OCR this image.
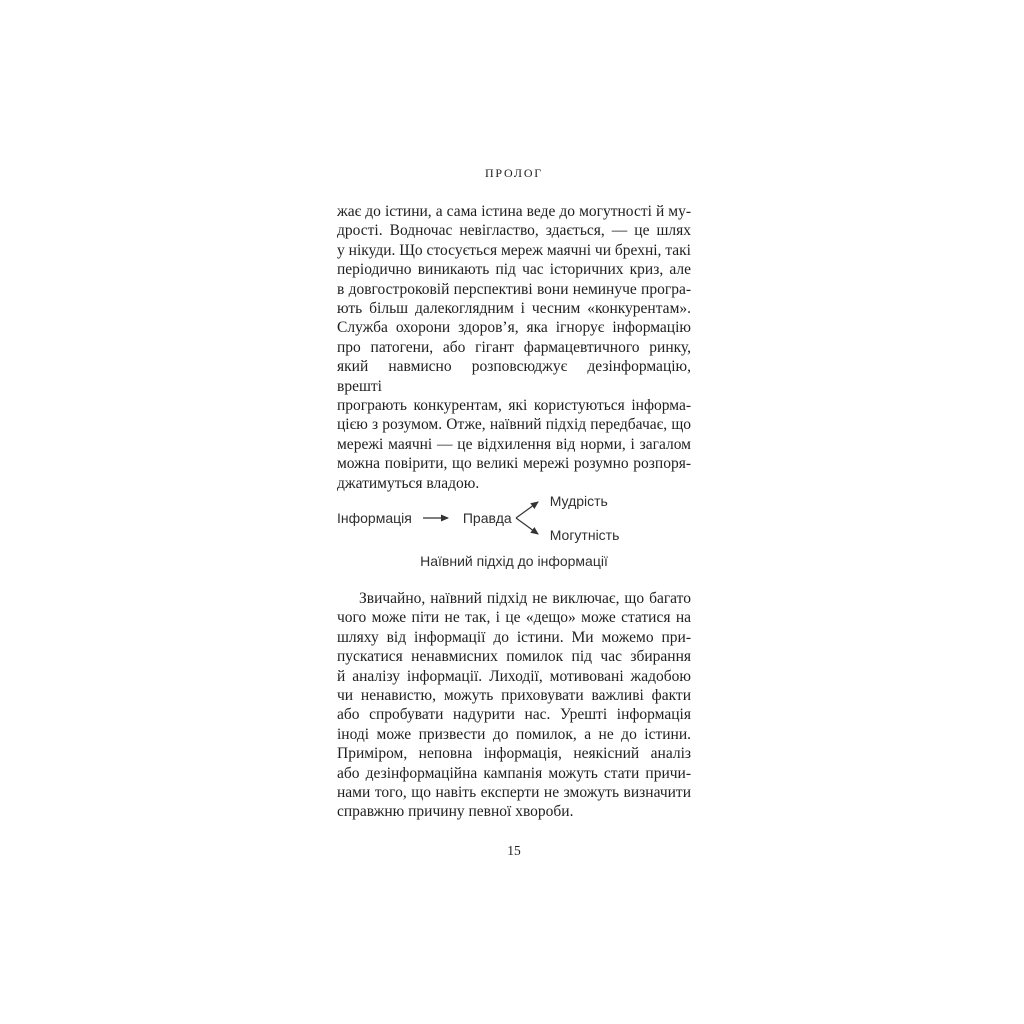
ПРОЛОГ
жає до істини, а сама істина веде до могутності й му-
дрості. Водночас невігластво, здається, — це шлях
у нікуди. Що стосується мереж маячні чи брехні, такі
періодично виникають під час історичних криз, але
в довгостроковій перспективі вони неминуче програ-
ють більш далекоглядним і чесним «конкурентам».
Служба охорони здоров’я, яка ігнорує інформацію
про патогени, або гігант фармацевтичного ринку,
який навмисно розповсюджує дезінформацію, врешті
програють конкурентам, які користуються інформа-
цією з розумом. Отже, наївний підхід передбачає, що
мережі маячні — це відхилення від норми, і загалом
можна повірити, що великі мережі розумно розпоря-
джатимуться владою.
Інформація	Правда
Мудрість
Могутність
Наївний підхід до інформації
Звичайно, наївний підхід не виключає, що багато
чого може піти не так, і це «дещо» може статися на
шляху від інформації до істини. Ми можемо при-
пускатися ненавмисних помилок під час збирання
й аналізу інформації. Лиходії, мотивовані жадобою
чи ненавистю, можуть приховувати важливі факти
або спробувати надурити нас. Урешті інформація
іноді може призвести до помилок, а не до істини.
Приміром, неповна інформація, неякісний аналіз
або дезінформаційна кампанія можуть стати причи-
нами того, що навіть експерти не зможуть визначити
справжню причину певної хвороби.
15
